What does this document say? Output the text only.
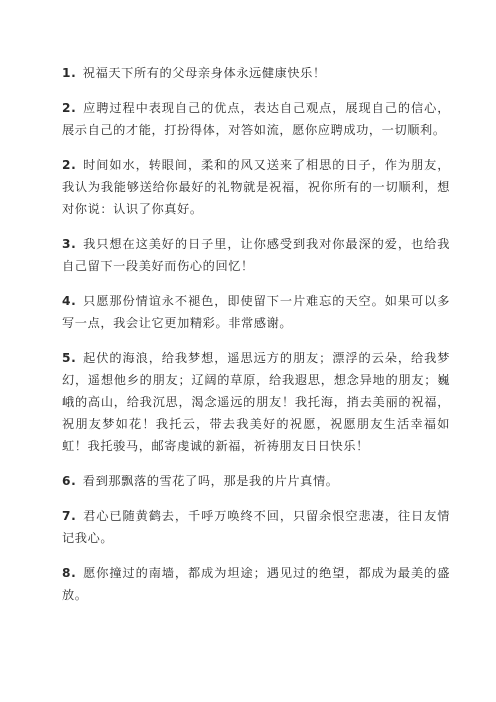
1. 祝福天下所有的父母亲身体永远健康快乐！

2. 应聘过程中表现自己的优点，表达自己观点，展现自己的信心，展示自己的才能，打扮得体，对答如流，愿你应聘成功，一切顺利。

2. 时间如水，转眼间，柔和的风又送来了相思的日子，作为朋友，我认为我能够送给你最好的礼物就是祝福，祝你所有的一切顺利，想对你说：认识了你真好。

3. 我只想在这美好的日子里，让你感受到我对你最深的爱，也给我自己留下一段美好而伤心的回忆！

4. 只愿那份情谊永不褪色，即使留下一片难忘的天空。如果可以多写一点，我会让它更加精彩。非常感谢。

5. 起伏的海浪，给我梦想，遥思远方的朋友；漂浮的云朵，给我梦幻，遥想他乡的朋友；辽阔的草原，给我遐思，想念异地的朋友；巍峨的高山，给我沉思，渴念遥远的朋友！我托海，捎去美丽的祝福，祝朋友梦如花！我托云，带去我美好的祝愿，祝愿朋友生活幸福如虹！我托骏马，邮寄虔诚的新福，祈祷朋友日日快乐！

6. 看到那飘落的雪花了吗，那是我的片片真情。

7. 君心已随黄鹤去，千呼万唤终不回，只留余恨空悲凄，往日友情记我心。

8. 愿你撞过的南墙，都成为坦途；遇见过的绝望，都成为最美的盛放。
